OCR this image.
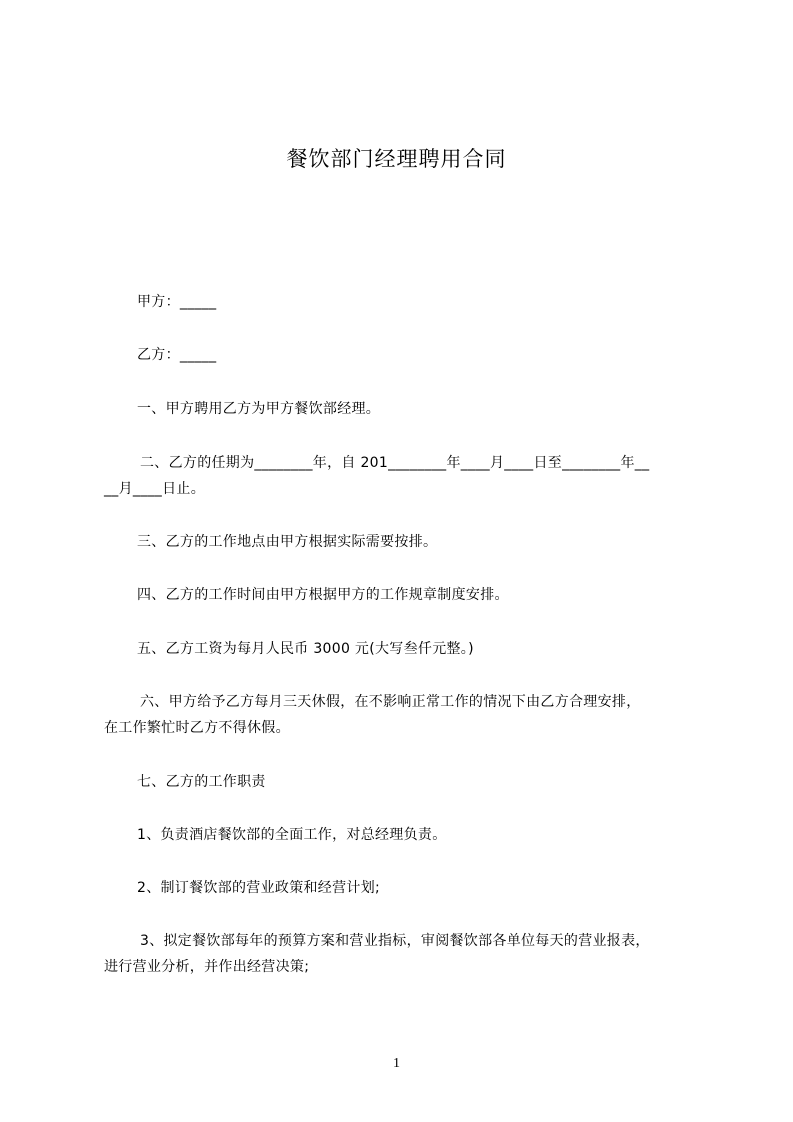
餐饮部门经理聘用合同
甲方：_____
乙方：_____
一、甲方聘用乙方为甲方餐饮部经理。
二、乙方的任期为________年，自 201________年____月____日至________年__
__月____日止。
三、乙方的工作地点由甲方根据实际需要按排。
四、乙方的工作时间由甲方根据甲方的工作规章制度安排。
五、乙方工资为每月人民币 3000 元(大写叁仟元整。)
六、甲方给予乙方每月三天休假，在不影响正常工作的情况下由乙方合理安排，
在工作繁忙时乙方不得休假。
七、乙方的工作职责
1、负责酒店餐饮部的全面工作，对总经理负责。
2、制订餐饮部的营业政策和经营计划;
3、拟定餐饮部每年的预算方案和营业指标，审阅餐饮部各单位每天的营业报表，
进行营业分析，并作出经营决策;
1
